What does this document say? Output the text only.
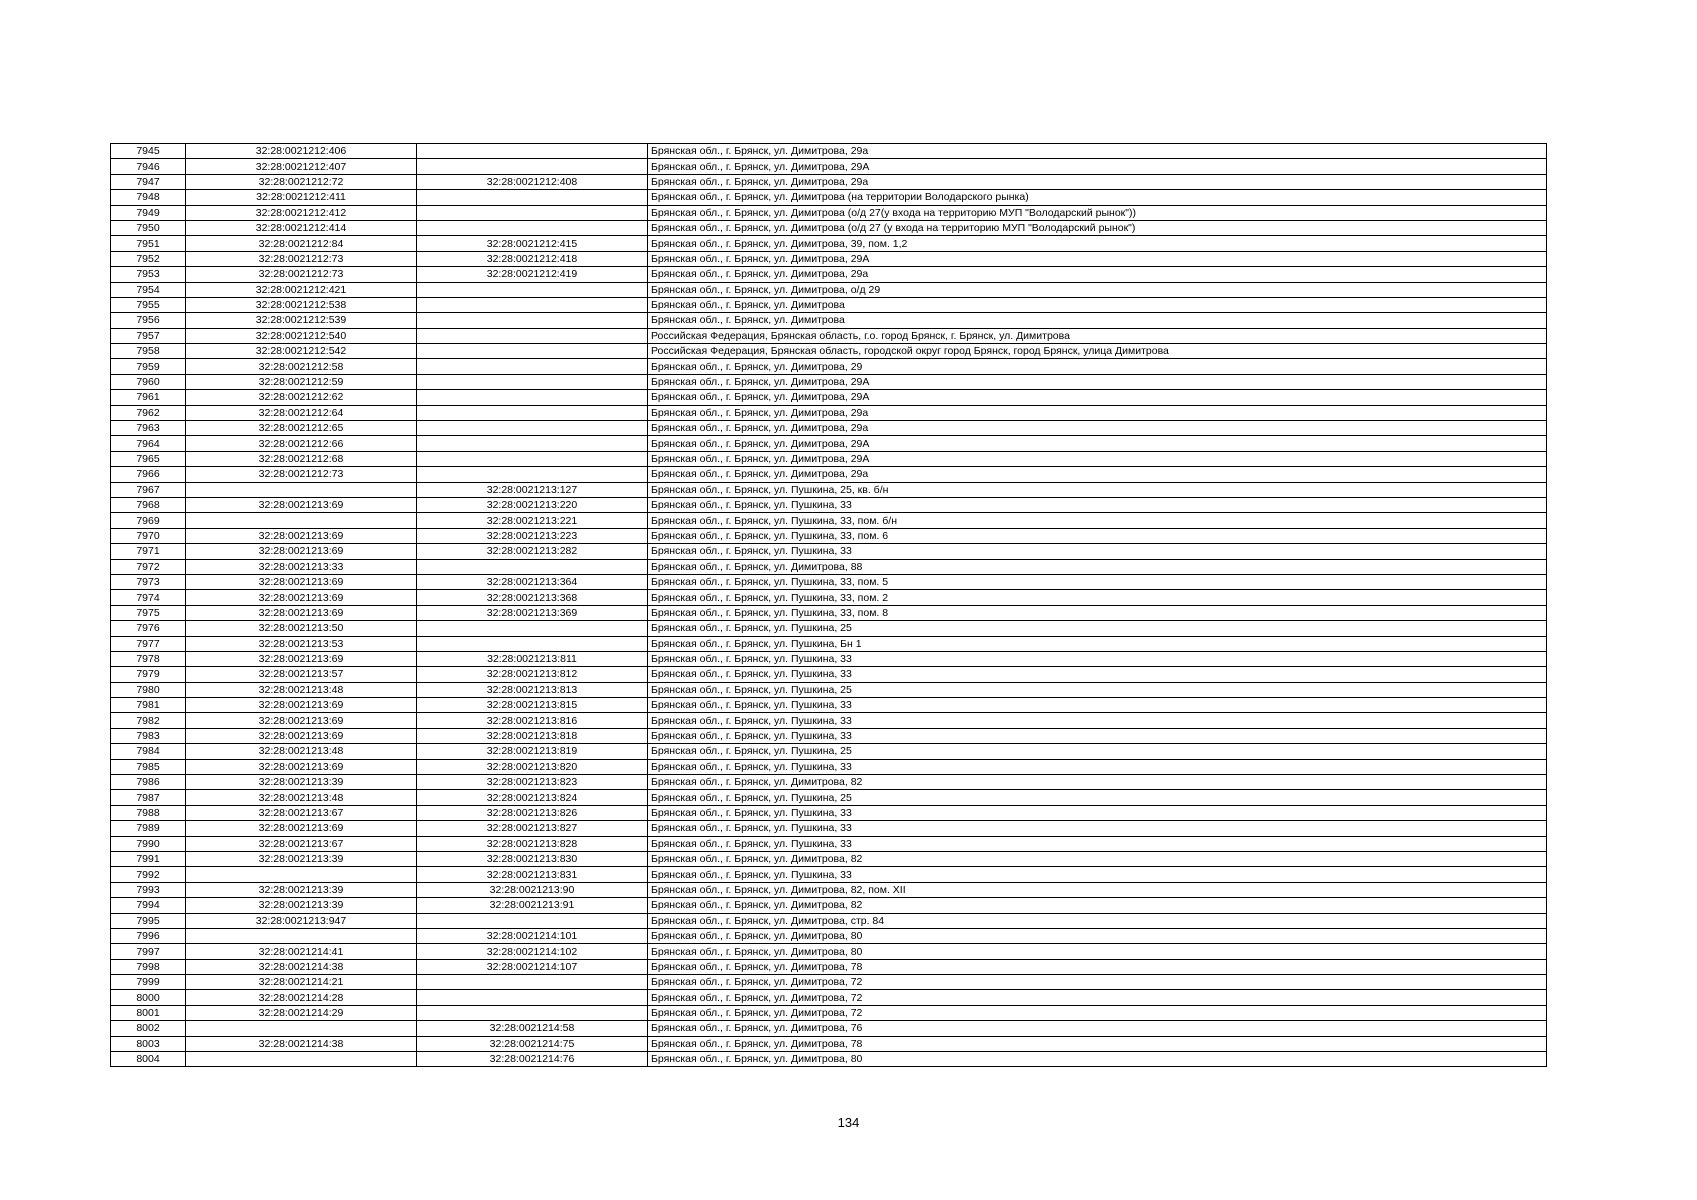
7945	32:28:0021212:406		Брянская обл., г. Брянск, ул. Димитрова, 29а
7946	32:28:0021212:407		Брянская обл., г. Брянск, ул. Димитрова, 29А
7947	32:28:0021212:72	32:28:0021212:408	Брянская обл., г. Брянск, ул. Димитрова, 29а
7948	32:28:0021212:411		Брянская обл., г. Брянск, ул. Димитрова (на территории Володарского рынка)
7949	32:28:0021212:412		Брянская обл., г. Брянск, ул. Димитрова (о/д 27(у входа на территорию МУП "Володарский рынок"))
7950	32:28:0021212:414		Брянская обл., г. Брянск, ул. Димитрова (о/д 27 (у входа на территорию МУП "Володарский рынок")
7951	32:28:0021212:84	32:28:0021212:415	Брянская обл., г. Брянск, ул. Димитрова, 39, пом. 1,2
7952	32:28:0021212:73	32:28:0021212:418	Брянская обл., г. Брянск, ул. Димитрова, 29А
7953	32:28:0021212:73	32:28:0021212:419	Брянская обл., г. Брянск, ул. Димитрова, 29а
7954	32:28:0021212:421		Брянская обл., г. Брянск, ул. Димитрова, о/д 29
7955	32:28:0021212:538		Брянская обл., г. Брянск, ул. Димитрова
7956	32:28:0021212:539		Брянская обл., г. Брянск, ул. Димитрова
7957	32:28:0021212:540		Российская Федерация, Брянская область, г.о. город Брянск, г. Брянск, ул. Димитрова
7958	32:28:0021212:542		Российская Федерация, Брянская область, городской округ город Брянск, город Брянск, улица Димитрова
7959	32:28:0021212:58		Брянская обл., г. Брянск, ул. Димитрова, 29
7960	32:28:0021212:59		Брянская обл., г. Брянск, ул. Димитрова, 29А
7961	32:28:0021212:62		Брянская обл., г. Брянск, ул. Димитрова, 29А
7962	32:28:0021212:64		Брянская обл., г. Брянск, ул. Димитрова, 29а
7963	32:28:0021212:65		Брянская обл., г. Брянск, ул. Димитрова, 29а
7964	32:28:0021212:66		Брянская обл., г. Брянск, ул. Димитрова, 29А
7965	32:28:0021212:68		Брянская обл., г. Брянск, ул. Димитрова, 29А
7966	32:28:0021212:73		Брянская обл., г. Брянск, ул. Димитрова, 29а
7967		32:28:0021213:127	Брянская обл., г. Брянск, ул. Пушкина, 25, кв. б/н
7968	32:28:0021213:69	32:28:0021213:220	Брянская обл., г. Брянск, ул. Пушкина, 33
7969		32:28:0021213:221	Брянская обл., г. Брянск, ул. Пушкина, 33, пом. б/н
7970	32:28:0021213:69	32:28:0021213:223	Брянская обл., г. Брянск, ул. Пушкина, 33, пом. 6
7971	32:28:0021213:69	32:28:0021213:282	Брянская обл., г. Брянск, ул. Пушкина, 33
7972	32:28:0021213:33		Брянская обл., г. Брянск, ул. Димитрова, 88
7973	32:28:0021213:69	32:28:0021213:364	Брянская обл., г. Брянск, ул. Пушкина, 33, пом. 5
7974	32:28:0021213:69	32:28:0021213:368	Брянская обл., г. Брянск, ул. Пушкина, 33, пом. 2
7975	32:28:0021213:69	32:28:0021213:369	Брянская обл., г. Брянск, ул. Пушкина, 33, пом. 8
7976	32:28:0021213:50		Брянская обл., г. Брянск, ул. Пушкина, 25
7977	32:28:0021213:53		Брянская обл., г. Брянск, ул. Пушкина, Бн 1
7978	32:28:0021213:69	32:28:0021213:811	Брянская обл., г. Брянск, ул. Пушкина, 33
7979	32:28:0021213:57	32:28:0021213:812	Брянская обл., г. Брянск, ул. Пушкина, 33
7980	32:28:0021213:48	32:28:0021213:813	Брянская обл., г. Брянск, ул. Пушкина, 25
7981	32:28:0021213:69	32:28:0021213:815	Брянская обл., г. Брянск, ул. Пушкина, 33
7982	32:28:0021213:69	32:28:0021213:816	Брянская обл., г. Брянск, ул. Пушкина, 33
7983	32:28:0021213:69	32:28:0021213:818	Брянская обл., г. Брянск, ул. Пушкина, 33
7984	32:28:0021213:48	32:28:0021213:819	Брянская обл., г. Брянск, ул. Пушкина, 25
7985	32:28:0021213:69	32:28:0021213:820	Брянская обл., г. Брянск, ул. Пушкина, 33
7986	32:28:0021213:39	32:28:0021213:823	Брянская обл., г. Брянск, ул. Димитрова, 82
7987	32:28:0021213:48	32:28:0021213:824	Брянская обл., г. Брянск, ул. Пушкина, 25
7988	32:28:0021213:67	32:28:0021213:826	Брянская обл., г. Брянск, ул. Пушкина, 33
7989	32:28:0021213:69	32:28:0021213:827	Брянская обл., г. Брянск, ул. Пушкина, 33
7990	32:28:0021213:67	32:28:0021213:828	Брянская обл., г. Брянск, ул. Пушкина, 33
7991	32:28:0021213:39	32:28:0021213:830	Брянская обл., г. Брянск, ул. Димитрова, 82
7992		32:28:0021213:831	Брянская обл., г. Брянск, ул. Пушкина, 33
7993	32:28:0021213:39	32:28:0021213:90	Брянская обл., г. Брянск, ул. Димитрова, 82, пом. XII
7994	32:28:0021213:39	32:28:0021213:91	Брянская обл., г. Брянск, ул. Димитрова, 82
7995	32:28:0021213:947		Брянская обл., г. Брянск, ул. Димитрова, стр. 84
7996		32:28:0021214:101	Брянская обл., г. Брянск, ул. Димитрова, 80
7997	32:28:0021214:41	32:28:0021214:102	Брянская обл., г. Брянск, ул. Димитрова, 80
7998	32:28:0021214:38	32:28:0021214:107	Брянская обл., г. Брянск, ул. Димитрова, 78
7999	32:28:0021214:21		Брянская обл., г. Брянск, ул. Димитрова, 72
8000	32:28:0021214:28		Брянская обл., г. Брянск, ул. Димитрова, 72
8001	32:28:0021214:29		Брянская обл., г. Брянск, ул. Димитрова, 72
8002		32:28:0021214:58	Брянская обл., г. Брянск, ул. Димитрова, 76
8003	32:28:0021214:38	32:28:0021214:75	Брянская обл., г. Брянск, ул. Димитрова, 78
8004		32:28:0021214:76	Брянская обл., г. Брянск, ул. Димитрова, 80
134
